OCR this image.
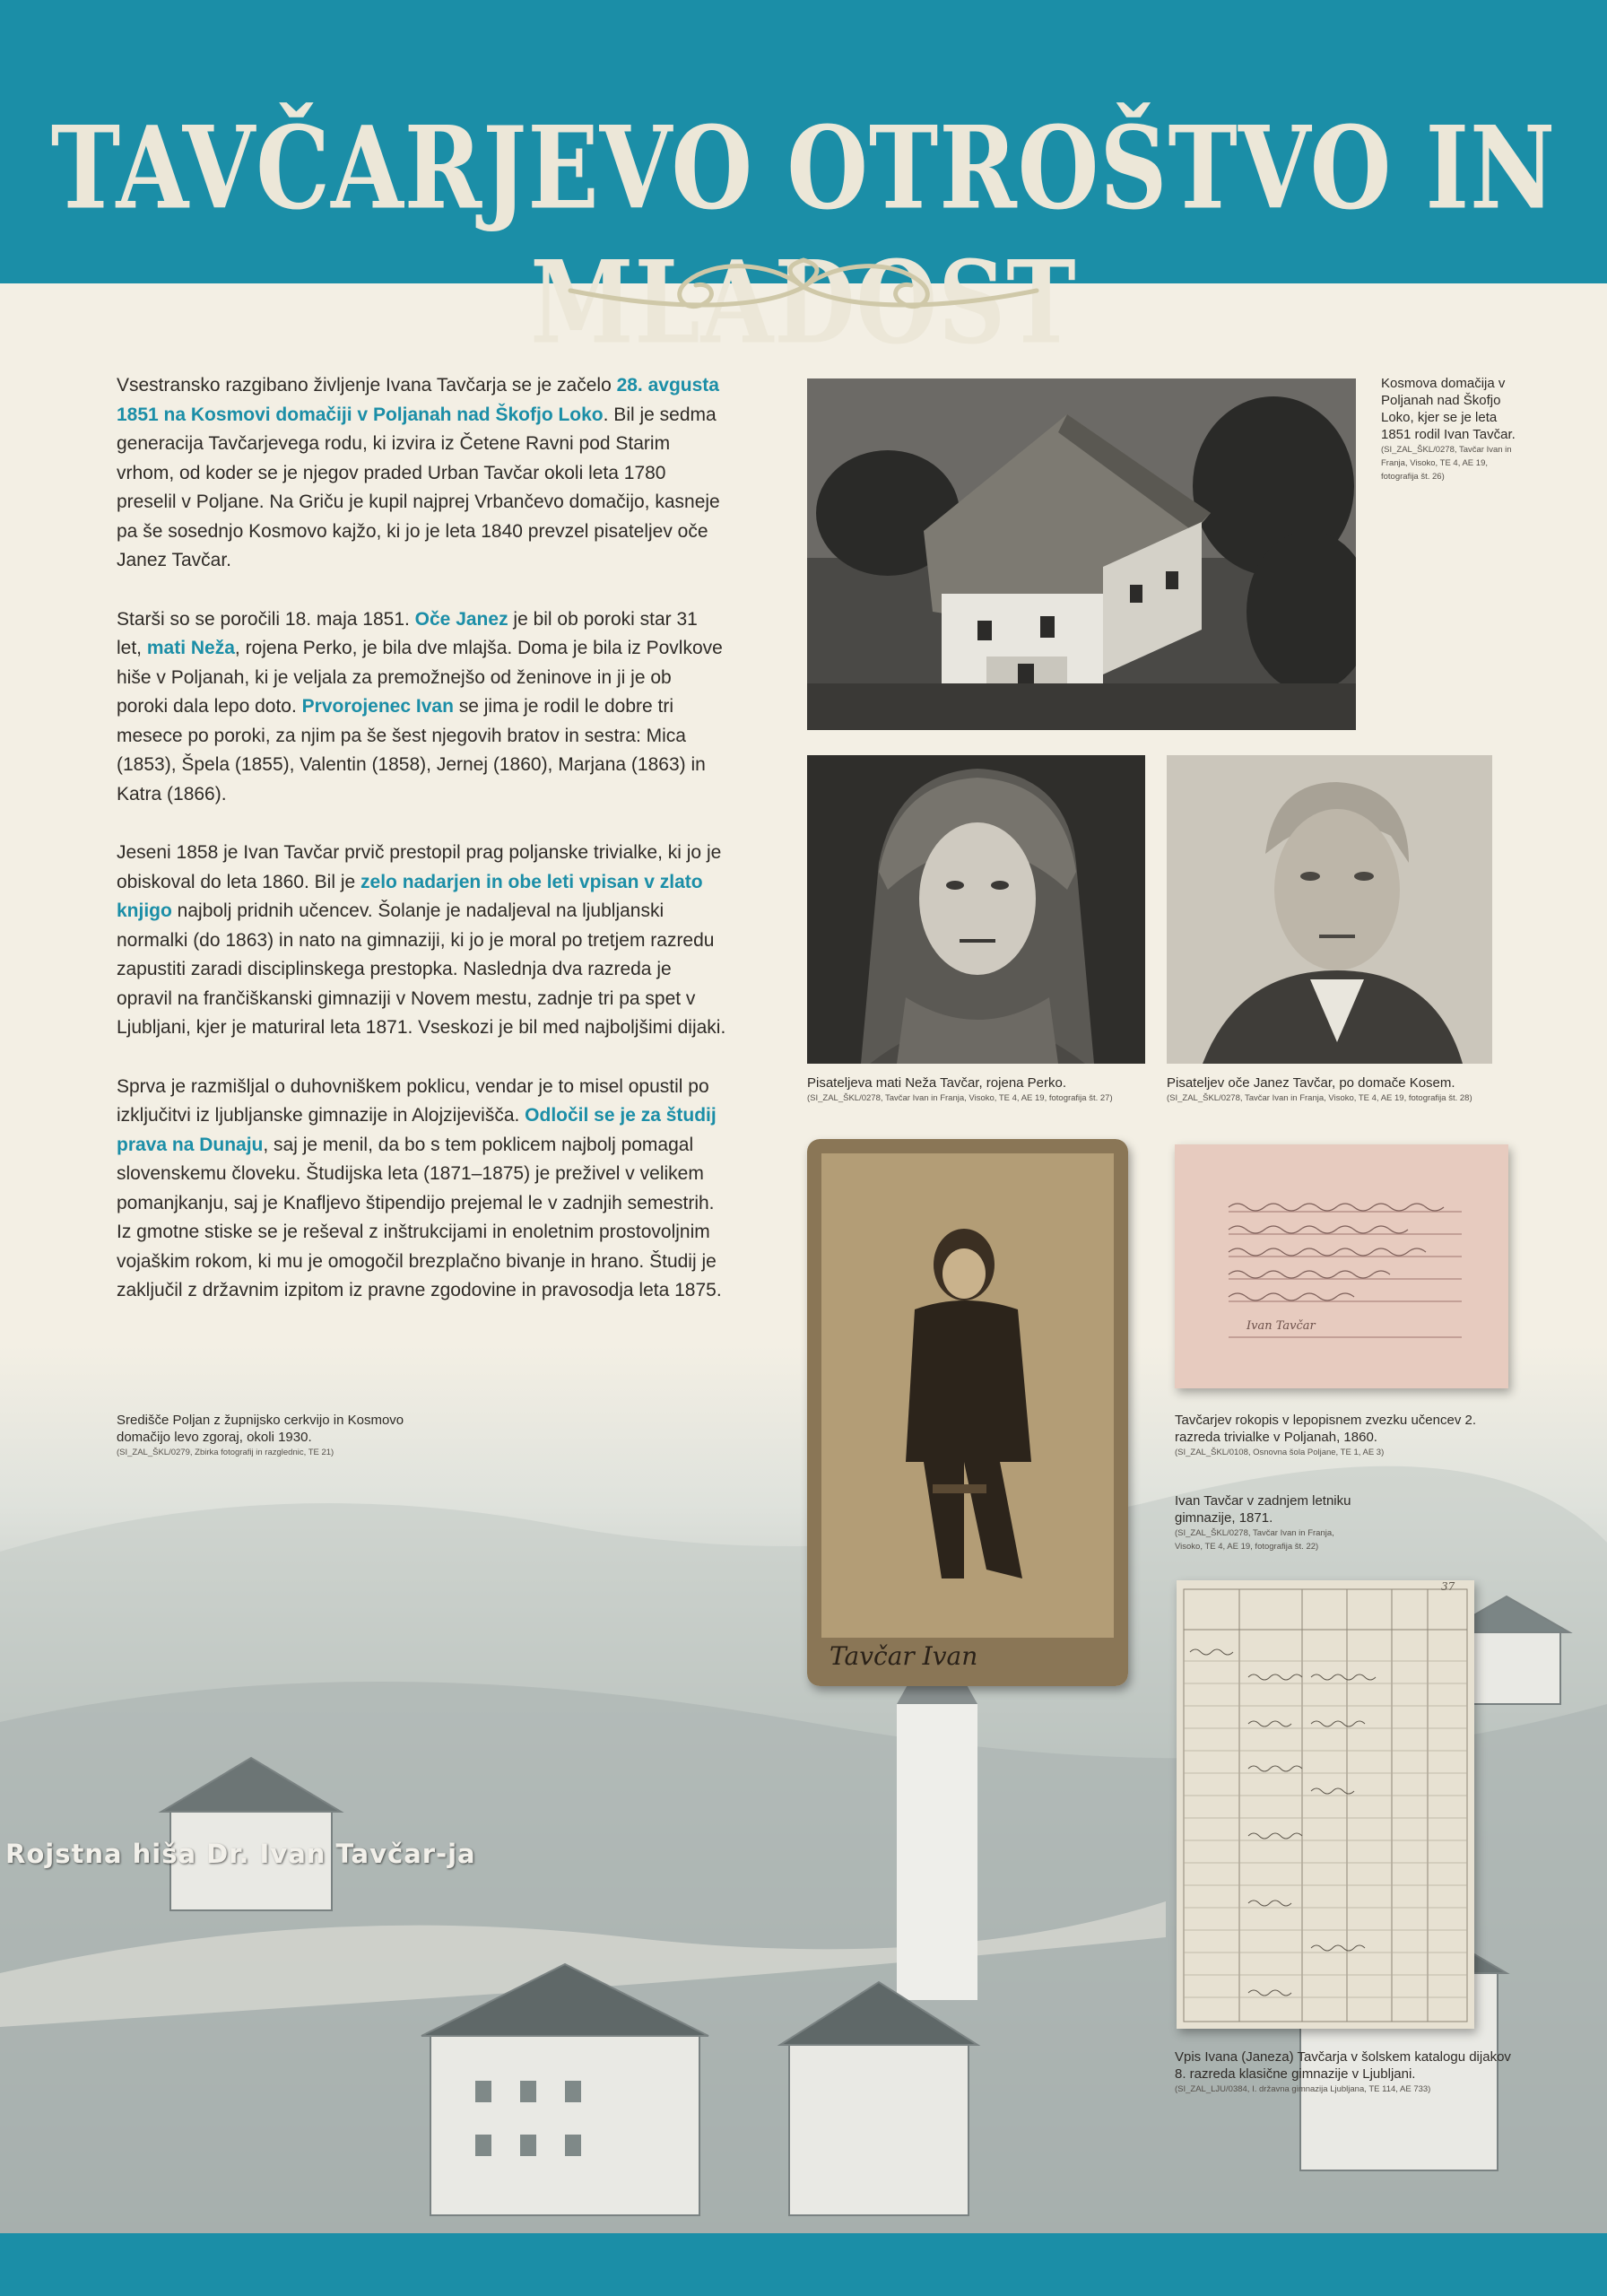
Rojstna hiša Dr. Ivan Tavčar-ja
TAVČARJEVO OTROŠTVO IN MLADOST

Vsestransko razgibano življenje Ivana Tavčarja se je začelo 28. avgusta 1851 na Kosmovi domačiji v Poljanah nad Škofjo Loko. Bil je sedma generacija Tavčarjevega rodu, ki izvira iz Četene Ravni pod Starim vrhom, od koder se je njegov praded Urban Tavčar okoli leta 1780 preselil v Poljane. Na Griču je kupil najprej Vrbančevo domačijo, kasneje pa še sosednjo Kosmovo kajžo, ki jo je leta 1840 prevzel pisateljev oče Janez Tavčar.

Starši so se poročili 18. maja 1851. Oče Janez je bil ob poroki star 31 let, mati Neža, rojena Perko, je bila dve mlajša. Doma je bila iz Povlkove hiše v Poljanah, ki je veljala za premožnejšo od ženinove in ji je ob poroki dala lepo doto. Prvorojenec Ivan se jima je rodil le dobre tri mesece po poroki, za njim pa še šest njegovih bratov in sestra: Mica (1853), Špela (1855), Valentin (1858), Jernej (1860), Marjana (1863) in Katra (1866).

Jeseni 1858 je Ivan Tavčar prvič prestopil prag poljanske trivialke, ki jo je obiskoval do leta 1860. Bil je zelo nadarjen in obe leti vpisan v zlato knjigo najbolj pridnih učencev. Šolanje je nadaljeval na ljubljanski normalki (do 1863) in nato na gimnaziji, ki jo je moral po tretjem razredu zapustiti zaradi disciplinskega prestopka. Naslednja dva razreda je opravil na frančiškanski gimnaziji v Novem mestu, zadnje tri pa spet v Ljubljani, kjer je maturiral leta 1871. Vseskozi je bil med najboljšimi dijaki.

Sprva je razmišljal o duhovniškem poklicu, vendar je to misel opustil po izključitvi iz ljubljanske gimnazije in Alojzijevišča. Odločil se je za študij prava na Dunaju, saj je menil, da bo s tem poklicem najbolj pomagal slovenskemu človeku. Študijska leta (1871–1875) je preživel v velikem pomanjkanju, saj je Knafljevo štipendijo prejemal le v zadnjih semestrih. Iz gmotne stiske se je reševal z inštrukcijami in enoletnim prostovoljnim vojaškim rokom, ki mu je omogočil brezplačno bivanje in hrano. Študij je zaključil z državnim izpitom iz pravne zgodovine in pravosodja leta 1875.

Središče Poljan z župnijsko cerkvijo in Kosmovo domačijo levo zgoraj, okoli 1930.
(SI_ZAL_ŠKL/0279, Zbirka fotografij in razglednic, TE 21)
Kosmova domačija v Poljanah nad Škofjo Loko, kjer se je leta 1851 rodil Ivan Tavčar.
(SI_ZAL_ŠKL/0278, Tavčar Ivan in Franja, Visoko, TE 4, AE 19, fotografija št. 26)
Pisateljeva mati Neža Tavčar, rojena Perko.
(SI_ZAL_ŠKL/0278, Tavčar Ivan in Franja, Visoko, TE 4, AE 19, fotografija št. 27)
Pisateljev oče Janez Tavčar, po domače Kosem.
(SI_ZAL_ŠKL/0278, Tavčar Ivan in Franja, Visoko, TE 4, AE 19, fotografija št. 28)
Tavčar Ivan
Ivan Tavčar
Tavčarjev rokopis v lepopisnem zvezku učencev 2. razreda trivialke v Poljanah, 1860.
(SI_ZAL_ŠKL/0108, Osnovna šola Poljane, TE 1, AE 3)
Ivan Tavčar v zadnjem letniku gimnazije, 1871.
(SI_ZAL_ŠKL/0278, Tavčar Ivan in Franja, Visoko, TE 4, AE 19, fotografija št. 22)
37
Vpis Ivana (Janeza) Tavčarja v šolskem katalogu dijakov 8. razreda klasične gimnazije v Ljubljani.
(SI_ZAL_LJU/0384, I. državna gimnazija Ljubljana, TE 114, AE 733)
